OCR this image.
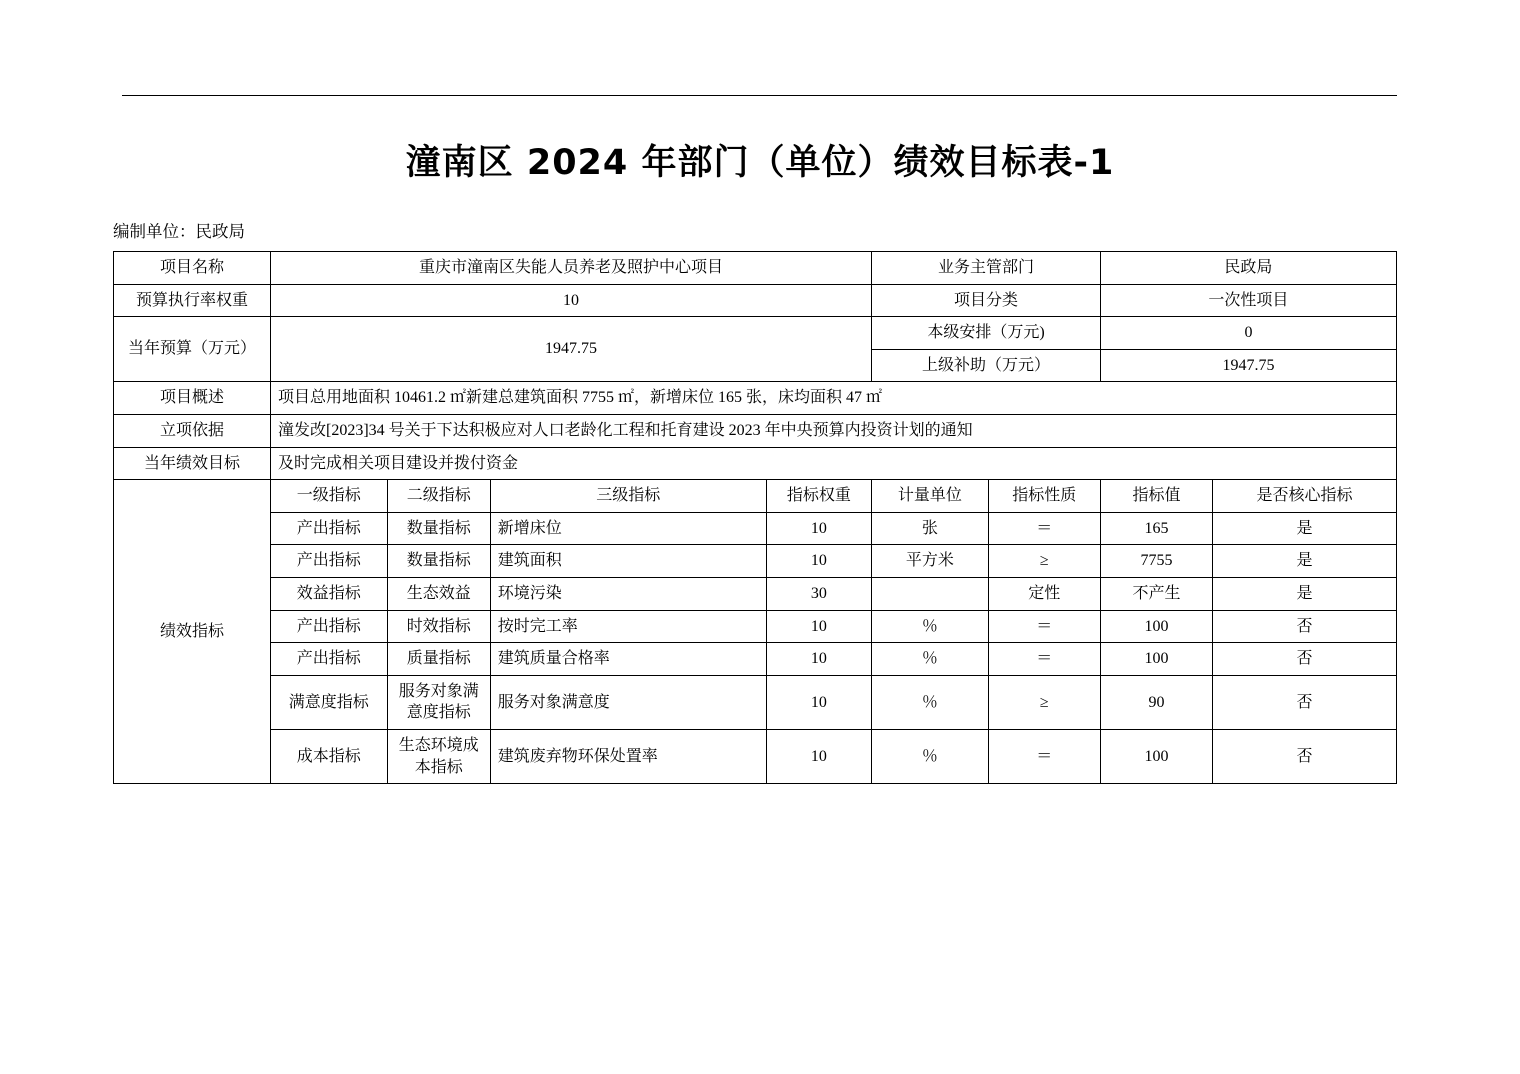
潼南区 2024 年部门（单位）绩效目标表-1
编制单位：民政局
项目名称	重庆市潼南区失能人员养老及照护中心项目				业务主管部门		民政局	
预算执行率权重	10				项目分类		一次性项目	
当年预算（万元）	1947.75				本级安排（万元)		0	
					上级补助（万元）		1947.75	
项目概述	项目总用地面积 10461.2 ㎡新建总建筑面积 7755 ㎡，新增床位 165 张，床均面积 47 ㎡							
立项依据	潼发改[2023]34 号关于下达积极应对人口老龄化工程和托育建设 2023 年中央预算内投资计划的通知							
当年绩效目标	及时完成相关项目建设并拨付资金							
绩效指标	一级指标	二级指标	三级指标	指标权重	计量单位	指标性质	指标值	是否核心指标
	产出指标	数量指标	新增床位	10	张	＝	165	是
	产出指标	数量指标	建筑面积	10	平方米	≥	7755	是
	效益指标	生态效益	环境污染	30		定性	不产生	是
	产出指标	时效指标	按时完工率	10	％	＝	100	否
	产出指标	质量指标	建筑质量合格率	10	％	＝	100	否
	满意度指标	服务对象满意度指标	服务对象满意度	10	％	≥	90	否
	成本指标	生态环境成本指标	建筑废弃物环保处置率	10	％	＝	100	否
